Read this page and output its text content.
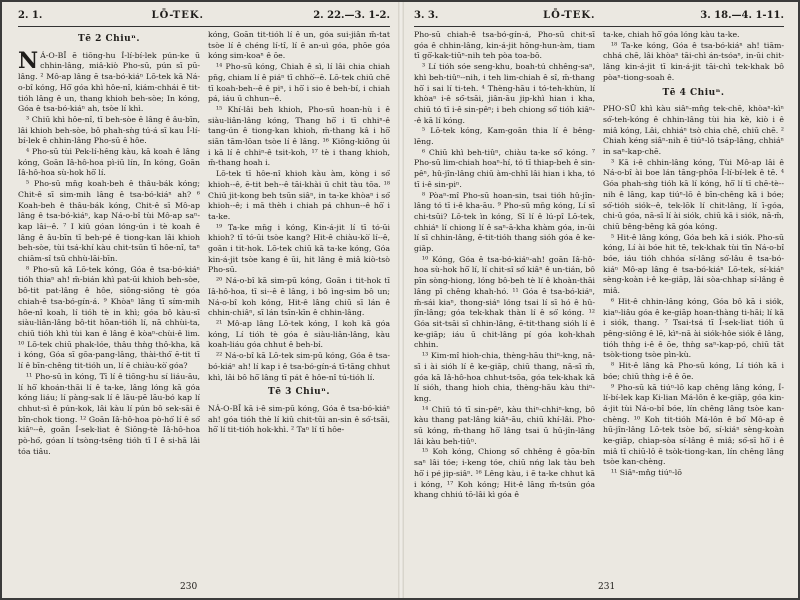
2. 1.	LŌ-TEK.	2. 22.—3. 1-2.
Tē 2 Chiuⁿ.

N Á-O-BÎ ē tiōng-hu Í-lí-bí-lek pún-ke ū chhin-lâng, miâ-kiò Pho-sū, pún sī pū-lâng. ² Mô-ap lâng ē tsa-bó-kiáⁿ Lō-tek kā Ná-o-bî kóng, Hō͘ góa khì hôe-nî, kiám-chhái ē tit-tióh lâng ê un, thang khioh beh-sòe; In kóng, Góa ê tsa-bó-kiáⁿ ah, tsòe lí khì.

³ Chiū khì hôe-nî, tī beh-sòe ê lâng ê âu-bīn, lâi khioh beh-sòe, bô phah-sǹg tú-á sī kau Í-lí-bí-lek ê chhin-lâng Pho-sū ê hôe.

⁴ Pho-sū tùi Pek-lí-hêng kàu, kā koah ê lâng kóng, Goān Iâ-hô-hoa pì-iū lín, In kóng, Goān Iâ-hô-hoa sù-hok hō͘ lí.

⁵ Pho-sū mn̄g koah-beh ê thâu-bák kóng; Chit-ê sī sim-mih lâng ê tsa-bó-kiáⁿ ah? ⁶ Koah-beh ê thâu-bák kóng, Chit-ê sī Mô-ap lâng ê tsa-bó-kiáⁿ, kap Ná-o-bî tùi Mô-ap saⁿ-kap lâi--ê. ⁷ I kiû góan lóng-ún i tè koah ê lâng ê âu-bīn tī beh-pé ê tiong-kan lâi khioh beh-sòe, tùi tsá-khí kàu chit-tsūn tī hôe-nî, taⁿ chiām-sî tsū chhù-lāi-bīn.

⁸ Pho-sū kā Lō-tek kóng, Góa ê tsa-bó-kiáⁿ tióh thiaⁿ ah! m̄-bián khì pat-ūi khioh beh-sòe, bô-tit pat-lâng ê hôe, siōng-siōng tè góa chiah-ê tsa-bó-gín-á. ⁹ Khòaⁿ lâng tī sím-mih hôe-nî koah, lí tióh tè in khì; góa bô kàu-sī siàu-liân-lâng bô-tit hōan-tióh lí, nā chhùi-ta, chiū tióh khì tùi kan ê lâng ê kòaⁿ-chùi-ê lim. ¹⁰ Lō-tek chiū phak-lóe, thâu thǹg thô-kha, kā i kóng, Góa sī gōa-pang-lâng, thài-thó͘ ē-tit tī lí ê bīn-chêng tit-tióh un, lí ē chiàu-kò͘ góa?

¹¹ Pho-sū ìn kóng, Tī lí ê tiōng-hu sí liáu-āu, lí hō͘ khoán-thāi lí ê ta-ke, lâng lóng kā góa kóng liáu; lí pàng-sak lí ê lāu-pē lāu-bó kap lí chhut-sì ê pún-kok, lâi kàu lí pún bô sek-sāi ê bîn-chok tiong. ¹² Goān Iâ-hô-hoa pò-hó͘ lí ê só͘ kiâⁿ--ê, goān Í-sek-liat ê Siōng-tè Iâ-hô-hoa pò-hó͘, góan lí tsòng-tsêng tióh tī I ê si-hā lâi tóa tiâu.

kóng, Goān tit-tióh lí ê un, góa sui-jiân m̄-tat tsòe lí ê chéng lí-tî, lí ē an-uì góa, phōe góa kóng sim-koaⁿ ê ōe.

¹⁴ Pho-sū kóng, Chiah ê sì, lí lâi chia chiah pn̄g, chiam lí ê piáⁿ tī chhò͘--ē. Lō-tek chiū chē tī koah-beh--ê ê piⁿ, i hō͘ i sio ê beh-bí, i chiah pá, iáu ū chhun--ê.

¹⁵ Khí-lâi beh khioh, Pho-sū hoan-hù i ê siàu-liân-lâng kóng, Thang hō͘ i tī chhiⁿ-ê tang-ún ê tiong-kan khioh, m̄-thang kâ i hō͘ siān tām-lōan tsòe lí ê lâng. ¹⁶ Kiōng-kiōng ūi i kā lí ê chhiⁿ-ê tsit-koh, ¹⁷ tè i thang khioh, m̄-thang hoah i.

Lō-tek tī hôe-nî khioh kàu àm, kòng i só͘ khioh--ê, ē-tit beh--ê tāi-khài ū chi̍t tàu tōa. ¹⁸ Chiū jit-kong beh tsūn siâⁿ, in ta-ke khòaⁿ i só͘ khioh--ê; i mā thèh i chiah pá chhun--ê hō͘ i ta-ke.

¹⁹ Ta-ke mn̄g i kóng, Kin-á-jit lí tī tó-ūi khioh? tī tó-ūi tsòe kang? Hit-ê chiàu-kò͘ lí--ê, goān i tit-hok. Lō-tek chiū kā ta-ke kóng, Góa kin-á-jit tsòe kang ê ūi, hit lâng ê miâ kiò-tsò Pho-sū.

²⁰ Ná-o-bî kā sim-pū kóng, Goān i tit-hok tī Iâ-hô-hoa, tī si--ê ê lâng, i bô ìng-sim bô un; Ná-o-bî koh kóng, Hit-ê lâng chiū sī lán ê chhin-chiâⁿ, sī lán tsīn-kīn ê chhin-lâng.

²¹ Mô-ap lâng Lō-tek kóng, I koh kā góa kóng, Lí tióh tè góa ê siàu-liân-lâng, kàu koah-liáu góa chhut ê beh-bí.

²² Ná-o-bî kā Lō-tek sim-pū kóng, Góa ê tsa-bó-kiáⁿ ah! lí kap i ê tsa-bó-gín-á tī-tāng chhut khì, lâi bô hō͘ lâng tī pát ê hôe-nî tú-tióh lí.

Tē 3 Chiuⁿ.

NÁ-O-BÎ kā i-ê sim-pū kóng, Góa ê tsa-bó-kiáⁿ ah! góa tióh thè lí kiû chit-tūi an-sin ê só͘-tsāi, hō͘ lí tit-tióh hok-khì. ² Taⁿ lí tī hôe-

230
3. 3.	LŌ-TEK.	3. 18.—4. 1-11.

Pho-sū chiah-ê tsa-bó-gín-á, Pho-sū chit-sī góa ê chhin-lâng, kin-á-jit hōng-hun-àm, tiam tī gō͘-kak-tiūⁿ-nih teh pòa toa-bō.

³ Lí tióh sóe seng-khu, boah-tú chhêng-saⁿ, khì beh-tiûⁿ--nih, i teh lim-chiah ê sî, m̄-thang hō͘ i sai lí ti-teh. ⁴ Thèng-hāu i tó-teh-khùn, lí khòaⁿ i-ê só͘-tsāi, jiân-āu jip-khì hian i kha, chiū tó tī i-ê sin-pêⁿ; i beh chiong só͘ tióh kiâⁿ--ê kā lí kóng.

⁵ Lō-tek kóng, Kam-goān thia lí ê bêng-lēng.

⁶ Chiū khì beh-tiûⁿ, chiàu ta-ke só͘ kóng. ⁷ Pho-sū lim-chiah hoaⁿ-hí, tó tī thiap-beh ê sin-pêⁿ, hû-jîn-lâng chiū àm-chhī lâi hian i kha, tó tī i-ê sin-piⁿ.

⁸ Pòaⁿ-mî Pho-sū hoan-sin, tsai tióh hû-jîn-lâng tó tī i-ê kha-āu. ⁹ Pho-sū mn̄g kóng, Lí sī chi-tsūi? Lō-tek ìn kóng, Sī lí ê lú-pî Lō-tek, chhiáⁿ lí chiong lí ê saⁿ-ā-kha khàm góa, in-ūi lí sī chhin-lâng, ē-tit-tióh thang sióh góa ê ke-giāp.

¹⁰ Kóng, Góa ê tsa-bó-kiáⁿ-ah! goān Iâ-hô-hoa sù-hok hō͘ lí, lí chit-sî só͘ kiâⁿ ê un-tián, bô pīn sòng-hiong, lóng bô-beh tè lí ê khoàn-thāi lâng pī chêng khah-hó. ¹¹ Góa ê tsa-bó-kiáⁿ, m̄-sái kiaⁿ, thong-siáⁿ lóng tsai lí sī hó ê hû-jîn-lâng; góa tek-khak thàn lí ê só͘ kóng. ¹² Góa sit-tsāi sī chhin-lâng, ē-tit-thang sióh lí ê ke-giāp; iáu ū chit-lâng pí góa koh-khah chhin.

¹³ Kim-mî hioh-chia, thèng-hāu thiⁿ-kng, nā-sī i ài sióh lí ê ke-giāp, chiū thang, nā-sī m̄, góa kā Iâ-hô-hoa chhut-tsōa, góa tek-khak kā lí sióh, thang hioh chia, thèng-hāu kàu thiⁿ-kng.

¹⁴ Chiū tó tī sin-pêⁿ, kàu thiⁿ-chhiⁿ-kng, bô kàu thang pat-lâng kiâⁿ-āu, chiū khí-lâi. Pho-sū kóng, m̄-thang hō͘ lâng tsai ū hū-jîn-lâng lâi kàu beh-tiûⁿ.

¹⁵ Koh kóng, Chiong só͘ chhêng ê gōa-bīn saⁿ lâi tóe; i-keng tóe, chiū nńg lak tàu beh hō͘ i pé jip-siâⁿ. ¹⁶ Lêng kàu, i ē ta-ke chhut kā i kóng, ¹⁷ Koh kóng; Hit-ê lâng m̄-tsún góa khang chhiú tō-lâi kì góa ê

ta-ke, chiah hō͘ góa lóng kàu ta-ke.

¹⁸ Ta-ke kóng, Góa ê tsa-bó-kiáⁿ ah! tiām-chhá chē, lâi khòaⁿ tāi-chì án-tsóaⁿ, in-ūi chit-lâng kin-á-jit tī kin-á-jit tāi-chì tek-khak bô pòaⁿ-tiong-soah ê.

Tē 4 Chiuⁿ.

PHO-SŪ khì kàu siâⁿ-mn̂g tek-chē, khòaⁿ-kìⁿ só͘-teh-kóng ê chhin-lâng tùi hia kè, kiò i ê miâ kóng, Lâi, chhiáⁿ tsò chia chē, chiū chē. ² Chiah kéng siâⁿ-nih ê tiúⁿ-lō tsáp-lâng, chhiáⁿ in saⁿ-kap-chē.

³ Kā i-ê chhin-lâng kóng, Tùi Mô-ap lâi ê Ná-o-bî ài boe lán tāng-phōa Í-lí-bí-lek ê tē. ⁴ Góa phah-sǹg tióh kā lí kóng, hō͘ lí tī chē-tè--nih ê lâng, kap tiúⁿ-lō ê bīn-chêng kā i bóe; só͘-tióh siók--ê, tek-lōk lí chit-lâng, lí ī-góa, chi-ū góa, nā-sī lí ài siók, chiū kā i siók, nā-m̄, chiū bêng-bêng kā góa kóng.

⁵ Hit-ê lâng kóng, Góa beh kā i siók. Pho-sū kóng, Lí ài bóe hit tē, tek-khak tùi tīn Ná-o-bî bóe, iáu tióh chhóa sí-lâng só͘-lâu ê tsa-bó-kiáⁿ Mô-ap lâng ê tsa-bó-kiáⁿ Lō-tek, sí-kiáⁿ sèng-koàn i-ê ke-giāp, lâi sòa-chhap sí-lâng ê miâ.

⁶ Hit-ê chhin-lâng kóng, Góa bô kā i siók, kiaⁿ-liâu góa ê ke-giāp hoan-thàng ti-hāi; lí kā i siók, thang. ⁷ Tsai-tsá tī Í-sek-liat tióh ū pêng-siōng ê lē, kìⁿ-nā ài siók-hôe siók ê lâng, tióh thǹg i-ê ê ōe, thǹg saⁿ-kap-pó, chiū tāt tsòk-tiong tsòe pìn-kù.

⁸ Hit-ê lâng kā Pho-sū kóng, Lí tióh kā i bóe; chiū thǹg i-ê ê ōe.

⁹ Pho-sū kā tiúⁿ-lō kap chêng lâng kóng, Í-lí-bí-lek kap Ki-lian Má-lôn ê ke-giāp, góa kin-á-jit tùi Ná-o-bî bóe, lín chêng lâng tsòe kan-chèng. ¹⁰ Koh tit-tióh Má-lôn ê bó͘ Mô-ap ê hū-jîn-lâng Lō-tek tsòe bó͘, sí-kiáⁿ sèng-koàn ke-giāp, chiap-sòa sí-lâng ê miâ; só͘-sī hō͘ i ê miâ tī chiū-lô ê tsòk-tiong-kan, lín chêng lâng tsòe kan-chèng.

¹¹ Siâⁿ-mn̂g tiúⁿ-lō

231
